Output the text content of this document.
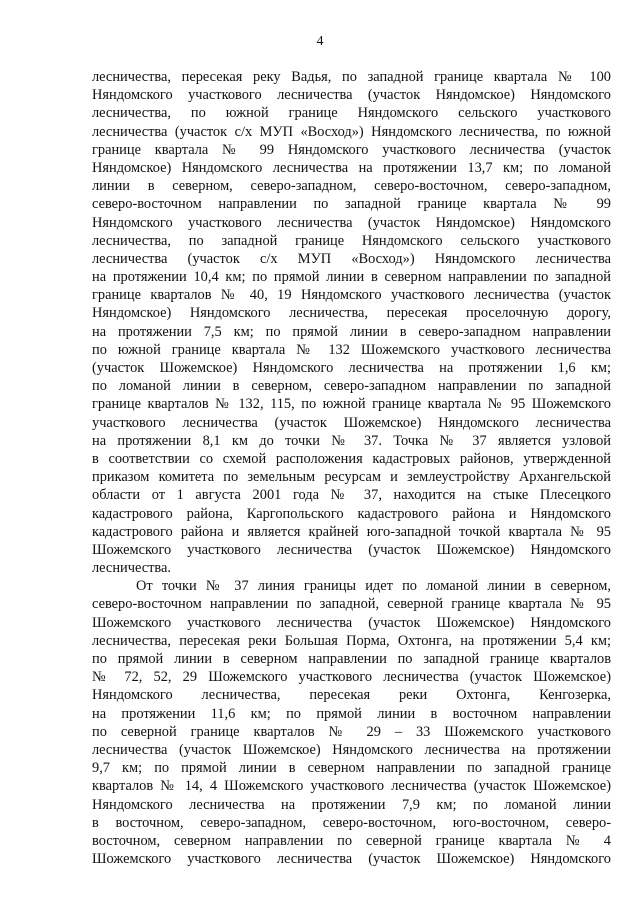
4
лесничества, пересекая реку Вадья, по западной границе квартала № 100
Няндомского участкового лесничества (участок Няндомское) Няндомского
лесничества, по южной границе Няндомского сельского участкового
лесничества (участок с/х МУП «Восход») Няндомского лесничества, по южной
границе квартала № 99 Няндомского участкового лесничества (участок
Няндомское) Няндомского лесничества на протяжении 13,7 км; по ломаной
линии в северном, северо-западном, северо-восточном, северо-западном,
северо-восточном направлении по западной границе квартала № 99
Няндомского участкового лесничества (участок Няндомское) Няндомского
лесничества, по западной границе Няндомского сельского участкового
лесничества (участок с/х МУП «Восход») Няндомского лесничества
на протяжении 10,4 км; по прямой линии в северном направлении по западной
границе кварталов № 40, 19 Няндомского участкового лесничества (участок
Няндомское) Няндомского лесничества, пересекая проселочную дорогу,
на протяжении 7,5 км; по прямой линии в северо-западном направлении
по южной границе квартала № 132 Шожемского участкового лесничества
(участок Шожемское) Няндомского лесничества на протяжении 1,6 км;
по ломаной линии в северном, северо-западном направлении по западной
границе кварталов № 132, 115, по южной границе квартала № 95 Шожемского
участкового лесничества (участок Шожемское) Няндомского лесничества
на протяжении 8,1 км до точки № 37. Точка № 37 является узловой
в соответствии со схемой расположения кадастровых районов, утвержденной
приказом комитета по земельным ресурсам и землеустройству Архангельской
области от 1 августа 2001 года № 37, находится на стыке Плесецкого
кадастрового района, Каргопольского кадастрового района и Няндомского
кадастрового района и является крайней юго-западной точкой квартала № 95
Шожемского участкового лесничества (участок Шожемское) Няндомского
лесничества.
От точки № 37 линия границы идет по ломаной линии в северном,
северо-восточном направлении по западной, северной границе квартала № 95
Шожемского участкового лесничества (участок Шожемское) Няндомского
лесничества, пересекая реки Большая Порма, Охтонга, на протяжении 5,4 км;
по прямой линии в северном направлении по западной границе кварталов
№ 72, 52, 29 Шожемского участкового лесничества (участок Шожемское)
Няндомского лесничества, пересекая реки Охтонга, Кенгозерка,
на протяжении 11,6 км; по прямой линии в восточном направлении
по северной границе кварталов № 29 – 33 Шожемского участкового
лесничества (участок Шожемское) Няндомского лесничества на протяжении
9,7 км; по прямой линии в северном направлении по западной границе
кварталов № 14, 4 Шожемского участкового лесничества (участок Шожемское)
Няндомского лесничества на протяжении 7,9 км; по ломаной линии
в восточном, северо-западном, северо-восточном, юго-восточном, северо-
восточном, северном направлении по северной границе квартала № 4
Шожемского участкового лесничества (участок Шожемское) Няндомского
